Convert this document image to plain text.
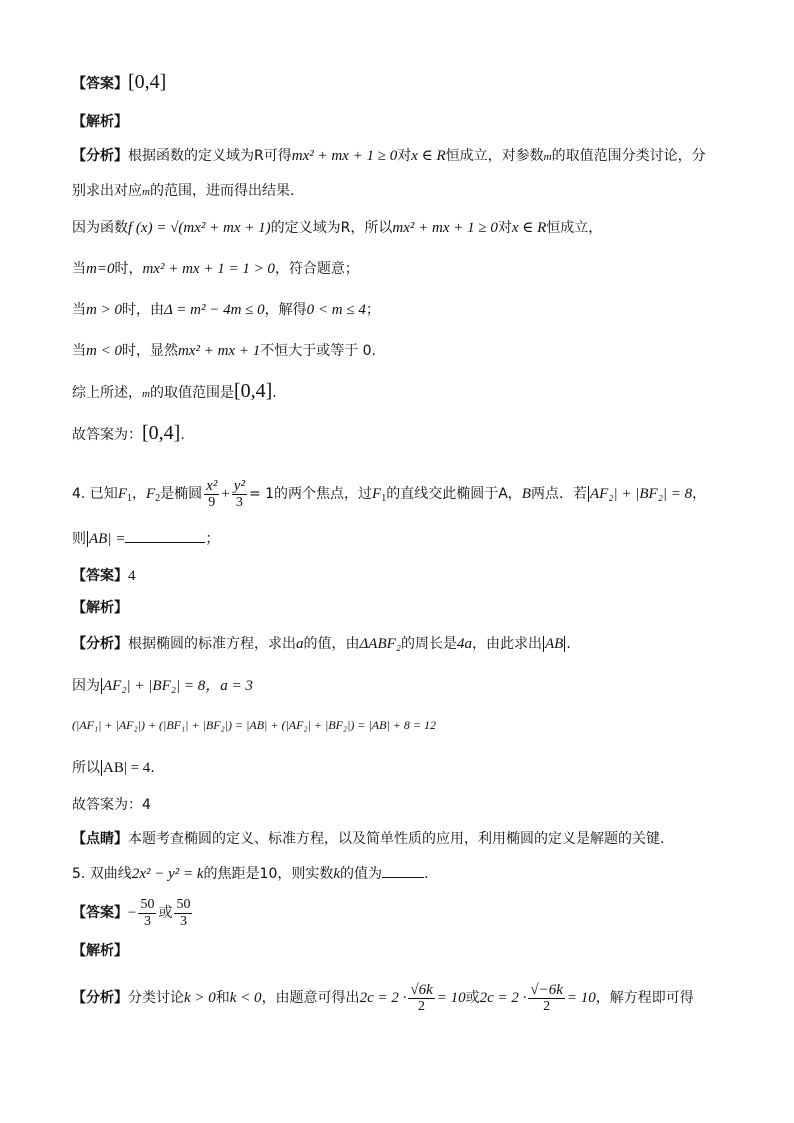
【答案】[0,4]
【解析】
【分析】根据函数的定义域为R可得mx² + mx + 1 ≥ 0对x ∈ R恒成立，对参数m的取值范围分类讨论，分
别求出对应m的范围，进而得出结果.
因为函数f (x) = √(mx² + mx + 1)的定义域为R，所以mx² + mx + 1 ≥ 0对x ∈ R恒成立，
当m=0时，mx² + mx + 1 = 1 > 0，符合题意；
当m > 0时，由Δ = m² − 4m ≤ 0，解得0 < m ≤ 4；
当m < 0时，显然mx² + mx + 1不恒大于或等于 0.
综上所述，m的取值范围是[0,4].
故答案为：[0,4].
4. 已知$F_1$，$F_2$是椭圆 $\frac{\text{x²}}{9} + \frac{\text{y²}}{3} = 1$的两个焦点，过$F_1$的直线交此椭圆于A，B两点．若 AF₂| + |BF₂| = 8，
则 AB| =	；
【答案】4
【解析】
【分析】根据椭圆的标准方程，求出a的值，由ΔABF₂的周长是4a，由此求出 AB .
因为 AF₂| + |BF₂| = 8，a = 3
(|AF₁| + |AF₂|) + (|BF₁| + |BF₂|) = |AB| + (|AF₂| + |BF₂|) = |AB| + 8 = 12
所以 AB| = 4.
故答案为：4
【点睛】本题考查椭圆的定义、标准方程，以及简单性质的应用，利用椭圆的定义是解题的关键.
5. 双曲线2x² − y² = k的焦距是10，则实数k的值为	.
【答案】− $\frac{50}{3}$ 或 $\frac{50}{3}$
【解析】
【分析】分类讨论k > 0和k < 0，由题意可得出$2c = 2 \cdot \frac{√6k}{2} = 10$或$2c = 2 \cdot \frac{√-6k}{2} = 10$，解方程即可得
